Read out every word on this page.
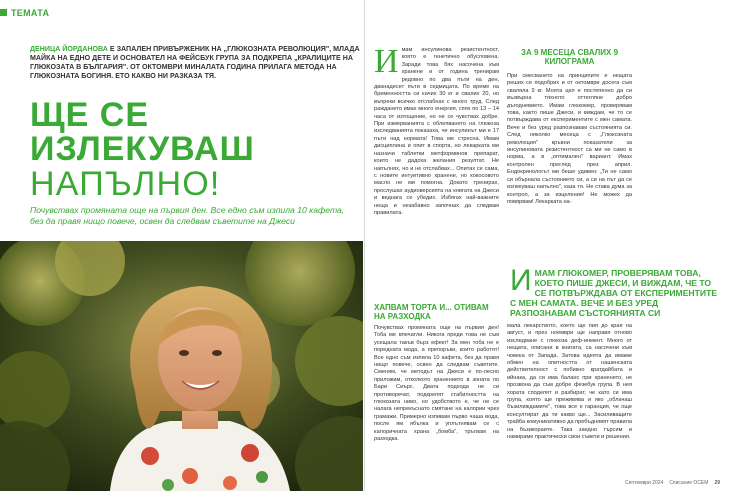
ТЕМАТА
ДЕНИЦА ЙОРДАНОВА Е ЗАПАЛЕН ПРИВЪРЖЕНИК НА „ГЛЮКОЗНАТА РЕВОЛЮЦИЯ", МЛАДА МАЙКА НА ЕДНО ДЕТЕ И ОСНОВАТЕЛ НА ФЕЙСБУК ГРУПА ЗА ПОДКРЕПА „КРАЛИЦИТЕ НА ГЛЮКОЗАТА В БЪЛГАРИЯ". ОТ ОКТОМВРИ МИНАЛАТА ГОДИНА ПРИЛАГА МЕТОДА НА ГЛЮКОЗНАТА БОГИНЯ. ЕТО КАКВО НИ РАЗКАЗА ТЯ.
ЩЕ СЕ
ИЗЛЕКУВАШ
НАПЪЛНО!
Почувствах промяната още на първия ден. Все едно съм изпила 10 кафета, без да правя нищо повече, освен да следвам съветите на Джеси
Имам инсулинова резистентност, която е генетично обусловена. Заради това бях насочена към хранене и от година тренирам редовно по два пъти на ден, дванадесет пъти в седмицата. По време на бременността си качих 30 кг и свалих 20, но въпреки всичко отслабнах с много труд. След раждането имах много енергия, спях по 13 – 14 часа от изтощение, но не се чувствах добре. При измерванията с облепването на глюкоза изследванията показаха, че инсулинът ми е 17 пъти над нормата! Това ме стресна. Имам дисциплина и опит в спорта, но лекарката ми назначи таблетки метформинов препарат, които не дадоха желания резултат. Не напълнях, но и не отслабвах... Опитах се сама, с новите интуитивно хранене, но кокосовото масло не ми помогна. Докато тренирах, прослушах аудиоверсията на книгата на Джеси и веднага се убедих. Избягах най-важните неща и незабавно започнах да следвам правилата.
ХАПВАМ ТОРТА И... ОТИВАМ НА РАЗХОДКА
Почувствах промяната още на първия ден! Тоба ме впечатли. Никога преди това не съм усещала такъв бърз ефект! За мен тоба не е поредната мода, а препоръки, които работят! Все едно съм изпила 10 кафета, без да правя нищо повече, освен да следвам съветите. Сменям, че методът на Джеси е по-лесно приложим, отколкото хранението в зоната по Бари Сиърс. Двата подхода не си противоречат, подкрепят стабилността на глюкозата ниво, но удобството е, че не се налага непрекъснато смятане на калории чрез грамажи. Примерно изпивам първо чаша вода, после ям ябълка и уплътнявам се с калоричната храна „бомба", тръгвам на разходка.
ЗА 9 МЕСЕЦА СВАЛИХ 9 КИЛОГРАМА
При смесването на принципите е нещата реших се подобрих и от октомври досега съм сваляла 9 кг. Моята цел е постепенно да си възвърна тяхното оттегляне добро дъгодневието. Имам глюкомер, проверявам това, както пише Джеси, и виждам, че то се потвърждава от експериментите с мен самата. Вече и без уред разпознавам състоянията си. След няколко месеца с „Глюкозната революция" кръвни показатели за инсулиновата резистентност са ми не само в норма, а в „оптимален" вариант. Имах контролен преглед през април. Ендокринологът ми беше удивен: „Ти не само си обърнала състоянието си, а си на път да се излекуваш напълно", каза тя. Не става дума за контрол, а за изцеление! Не можех да повярвам! Лекарката на-
ИМАМ ГЛЮКОМЕР, ПРОВЕРЯВАМ ТОВА, КОЕТО ПИШЕ ДЖЕСИ, И ВИЖДАМ, ЧЕ ТО СЕ ПОТВЪРЖДАВА ОТ ЕКСПЕРИМЕНТИТЕ С МЕН САМАТА. ВЕЧЕ И БЕЗ УРЕД РАЗПОЗНАВАМ СЪСТОЯНИЯТА СИ
мала лекарството, което ще пия до края на август, и през ноември ще направя отново изследване с глюкоза деф-инмент. Много от нещата, описани в книгата, са насочени към човека от Запада. Затова идеята да имаме обмен на опитността от нашенската действителност с побикно кратдайбата и ийнака, да си има баланс при храненето, не прозвона да съм добре фезебук група. В нея хората споделят и разбират, че като си има група, която ще преживява и яко „облачаш бъзилиждамите", това все е гаранция, че още консултират да ти какво ще... Засиливащите трайба комуникативно да пребъднявят правила на бъзикораите. Така заедно търсим и намираме практически свои съвети и решения.
Септември 2024 Списание ОСЕМ 29
